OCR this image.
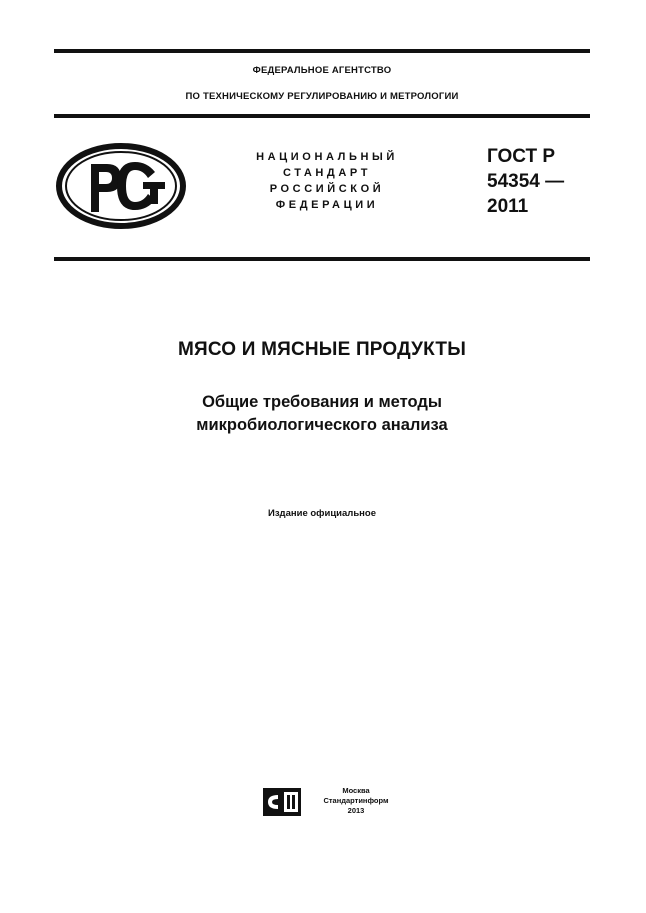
ФЕДЕРАЛЬНОЕ АГЕНТСТВО
ПО ТЕХНИЧЕСКОМУ РЕГУЛИРОВАНИЮ И МЕТРОЛОГИИ
НАЦИОНАЛЬНЫЙ
СТАНДАРТ
РОССИЙСКОЙ
ФЕДЕРАЦИИ
ГОСТ Р
54354 —
2011
МЯСО И МЯСНЫЕ ПРОДУКТЫ
Общие требования и методы
микробиологического анализа
Издание официальное
Москва
Стандартинформ
2013
